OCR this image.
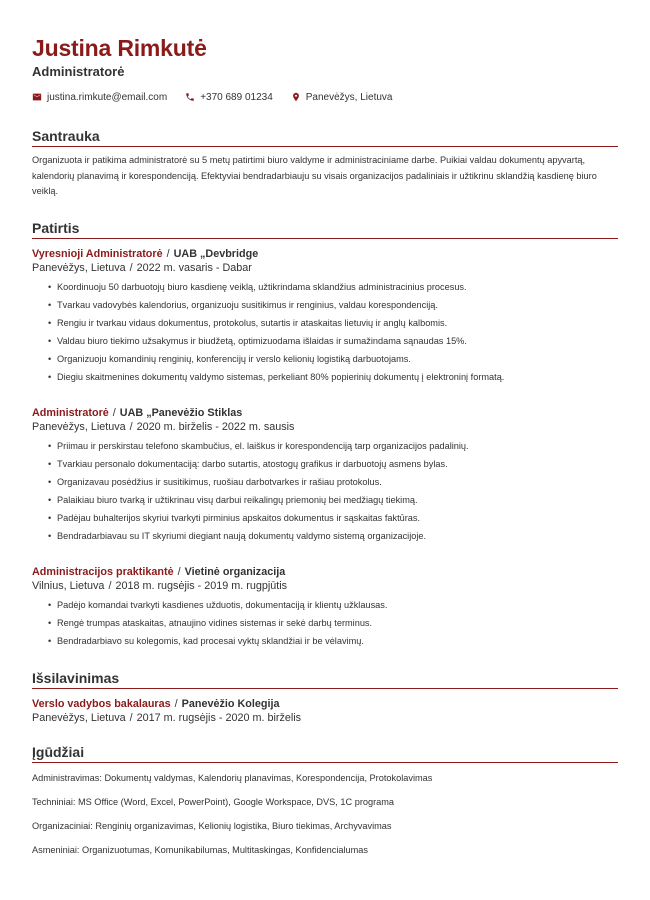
Justina Rimkutė
Administratorė
justina.rimkute@email.com	+370 689 01234	Panevėžys, Lietuva
Santrauka
Organizuota ir patikima administratorė su 5 metų patirtimi biuro valdyme ir administraciniame darbe. Puikiai valdau dokumentų apyvartą, kalendorių planavimą ir korespondenciją. Efektyviai bendradarbiauju su visais organizacijos padaliniais ir užtikrinu sklandžią kasdienę biuro veiklą.
Patirtis
Vyresnioji Administratorė / UAB „Devbridge
Panevėžys, Lietuva / 2022 m. vasaris - Dabar
• Koordinuoju 50 darbuotojų biuro kasdienę veiklą, užtikrindama sklandžius administracinius procesus.
• Tvarkau vadovybės kalendorius, organizuoju susitikimus ir renginius, valdau korespondenciją.
• Rengiu ir tvarkau vidaus dokumentus, protokolus, sutartis ir ataskaitas lietuvių ir anglų kalbomis.
• Valdau biuro tiekimo užsakymus ir biudžetą, optimizuodama išlaidas ir sumažindama sąnaudas 15%.
• Organizuoju komandinių renginių, konferencijų ir verslo kelionių logistiką darbuotojams.
• Diegiu skaitmenines dokumentų valdymo sistemas, perkeliant 80% popierinių dokumentų į elektroninį formatą.
Administratorė / UAB „Panevėžio Stiklas
Panevėžys, Lietuva / 2020 m. birželis - 2022 m. sausis
• Priimau ir perskirstau telefono skambučius, el. laiškus ir korespondenciją tarp organizacijos padalinių.
• Tvarkiau personalo dokumentaciją: darbo sutartis, atostogų grafikus ir darbuotojų asmens bylas.
• Organizavau posėdžius ir susitikimus, ruošiau darbotvarkes ir rašiau protokolus.
• Palaikiau biuro tvarką ir užtikrinau visų darbui reikalingų priemonių bei medžiagų tiekimą.
• Padėjau buhalterijos skyriui tvarkyti pirminius apskaitos dokumentus ir sąskaitas faktūras.
• Bendradarbiavau su IT skyriumi diegiant naują dokumentų valdymo sistemą organizacijoje.
Administracijos praktikantė / Vietinė organizacija
Vilnius, Lietuva / 2018 m. rugsėjis - 2019 m. rugpjūtis
• Padėjo komandai tvarkyti kasdienes užduotis, dokumentaciją ir klientų užklausas.
• Rengė trumpas ataskaitas, atnaujino vidines sistemas ir sekė darbų terminus.
• Bendradarbiavo su kolegomis, kad procesai vyktų sklandžiai ir be vėlavimų.
Išsilavinimas
Verslo vadybos bakalauras / Panevėžio Kolegija
Panevėžys, Lietuva / 2017 m. rugsėjis - 2020 m. birželis
Įgūdžiai
Administravimas: Dokumentų valdymas, Kalendorių planavimas, Korespondencija, Protokolavimas
Techniniai: MS Office (Word, Excel, PowerPoint), Google Workspace, DVS, 1C programa
Organizaciniai: Renginių organizavimas, Kelionių logistika, Biuro tiekimas, Archyvavimas
Asmeniniai: Organizuotumas, Komunikabilumas, Multitaskingas, Konfidencialumas
